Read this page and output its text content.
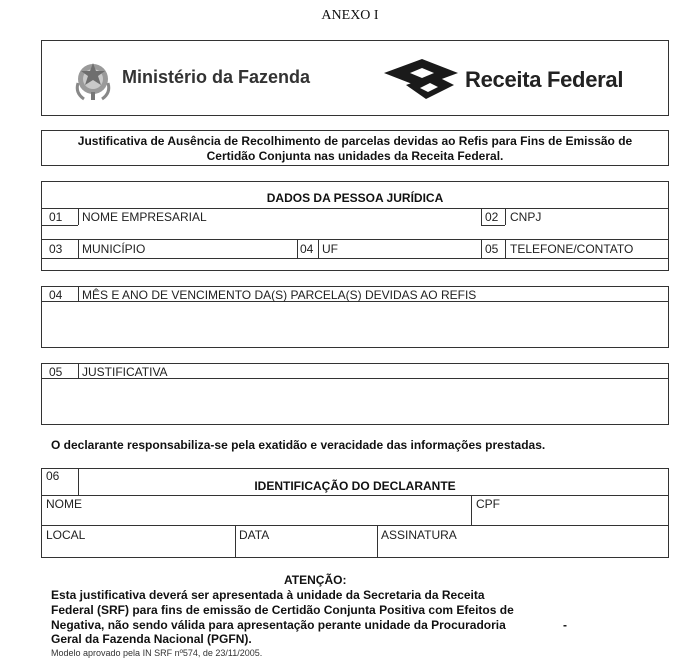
ANEXO I
Ministério da Fazenda	Receita Federal
Justificativa de Ausência de Recolhimento de parcelas devidas ao Refis para Fins de Emissão de
Certidão Conjunta nas unidades da Receita Federal.
DADOS DA PESSOA JURÍDICA
01 NOME EMPRESARIAL	02 CNPJ
03 MUNICÍPIO	04 UF	05 TELEFONE/CONTATO
04 MÊS E ANO DE VENCIMENTO DA(S) PARCELA(S) DEVIDAS AO REFIS
05 JUSTIFICATIVA
O declarante responsabiliza-se pela exatidão e veracidade das informações prestadas.
IDENTIFICAÇÃO DO DECLARANTE
06
NOME	CPF
LOCAL	DATA	ASSINATURA
ATENÇÃO:
Esta justificativa deverá ser apresentada à unidade da Secretaria da Receita
Federal (SRF) para fins de emissão de Certidão Conjunta Positiva com Efeitos de
Negativa, não sendo válida para apresentação perante unidade da Procuradoria	-
Geral da Fazenda Nacional (PGFN).
Modelo aprovado pela IN SRF nº574, de 23/11/2005.
